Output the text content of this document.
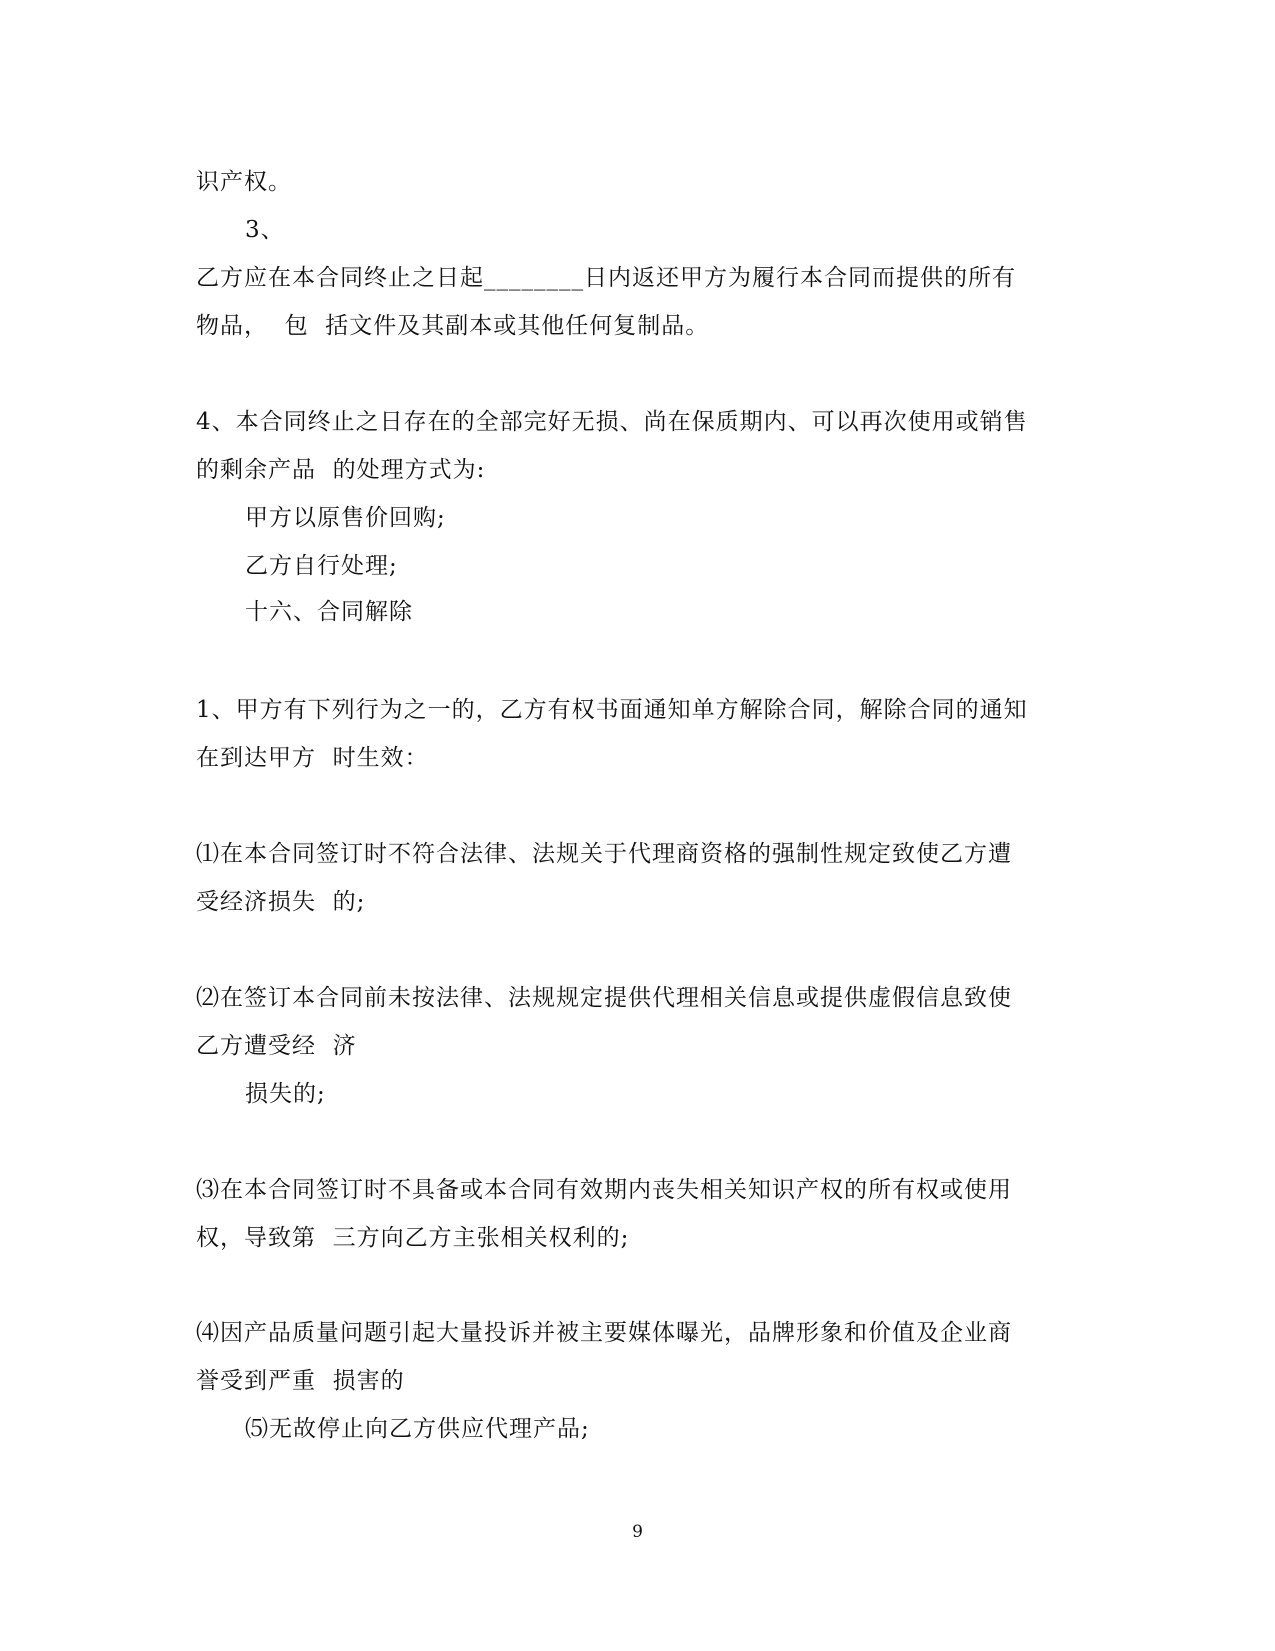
识产权。
3、
乙方应在本合同终止之日起________日内返还甲方为履行本合同而提供的所有
物品，  包  括文件及其副本或其他任何复制品。
4、本合同终止之日存在的全部完好无损、尚在保质期内、可以再次使用或销售
的剩余产品  的处理方式为:
甲方以原售价回购;
乙方自行处理;
十六、合同解除
1、甲方有下列行为之一的，乙方有权书面通知单方解除合同，解除合同的通知
在到达甲方  时生效：
⑴在本合同签订时不符合法律、法规关于代理商资格的强制性规定致使乙方遭
受经济损失  的;
⑵在签订本合同前未按法律、法规规定提供代理相关信息或提供虚假信息致使
乙方遭受经  济
损失的;
⑶在本合同签订时不具备或本合同有效期内丧失相关知识产权的所有权或使用
权，导致第  三方向乙方主张相关权利的;
⑷因产品质量问题引起大量投诉并被主要媒体曝光，品牌形象和价值及企业商
誉受到严重  损害的
⑸无故停止向乙方供应代理产品;
9
